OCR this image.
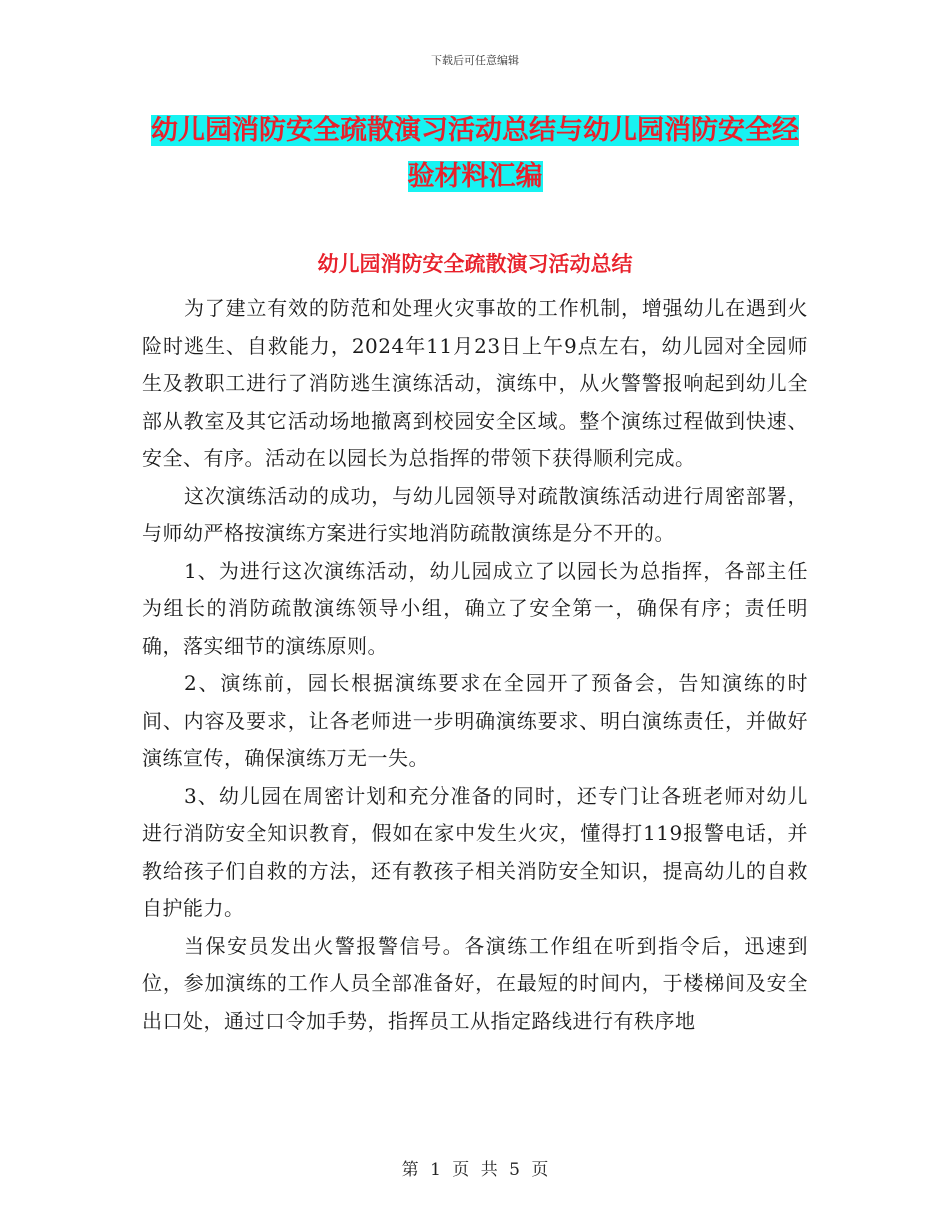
下载后可任意编辑
幼儿园消防安全疏散演习活动总结与幼儿园消防安全经验材料汇编
幼儿园消防安全疏散演习活动总结

为了建立有效的防范和处理火灾事故的工作机制，增强幼儿在遇到火险时逃生、自救能力，2024年11月23日上午9点左右，幼儿园对全园师生及教职工进行了消防逃生演练活动，演练中，从火警警报响起到幼儿全部从教室及其它活动场地撤离到校园安全区域。整个演练过程做到快速、安全、有序。活动在以园长为总指挥的带领下获得顺利完成。

这次演练活动的成功，与幼儿园领导对疏散演练活动进行周密部署，与师幼严格按演练方案进行实地消防疏散演练是分不开的。

1、为进行这次演练活动，幼儿园成立了以园长为总指挥，各部主任为组长的消防疏散演练领导小组，确立了安全第一，确保有序；责任明确，落实细节的演练原则。

2、演练前，园长根据演练要求在全园开了预备会，告知演练的时间、内容及要求，让各老师进一步明确演练要求、明白演练责任，并做好演练宣传，确保演练万无一失。

3、幼儿园在周密计划和充分准备的同时，还专门让各班老师对幼儿进行消防安全知识教育，假如在家中发生火灾，懂得打119报警电话，并教给孩子们自救的方法，还有教孩子相关消防安全知识，提高幼儿的自救自护能力。

当保安员发出火警报警信号。各演练工作组在听到指令后，迅速到位，参加演练的工作人员全部准备好，在最短的时间内，于楼梯间及安全出口处，通过口令加手势，指挥员工从指定路线进行有秩序地

第 1 页 共 5 页
